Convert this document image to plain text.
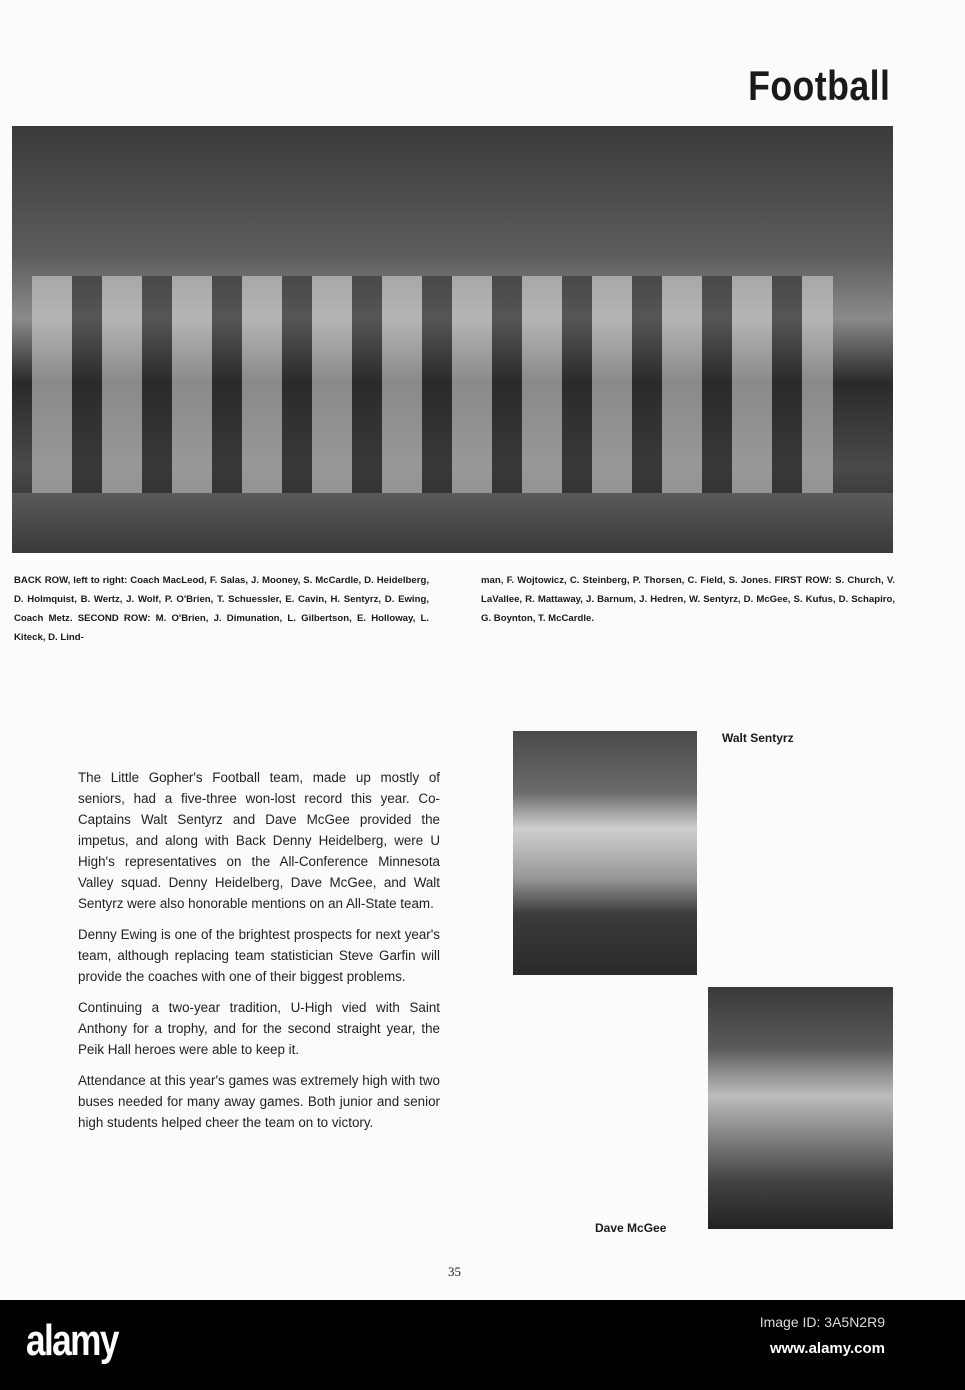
Football
BACK ROW, left to right: Coach MacLeod, F. Salas, J. Mooney, S. McCardle, D. Heidelberg, D. Holmquist, B. Wertz, J. Wolf, P. O'Brien, T. Schuessler, E. Cavin, H. Sentyrz, D. Ewing, Coach Metz. SECOND ROW: M. O'Brien, J. Dimunation, L. Gilbertson, E. Holloway, L. Kiteck, D. Lind-
man, F. Wojtowicz, C. Steinberg, P. Thorsen, C. Field, S. Jones. FIRST ROW: S. Church, V. LaVallee, R. Mattaway, J. Barnum, J. Hedren, W. Sentyrz, D. McGee, S. Kufus, D. Schapiro, G. Boynton, T. McCardle.

The Little Gopher's Football team, made up mostly of seniors, had a five-three won-lost record this year. Co-Captains Walt Sentyrz and Dave McGee provided the impetus, and along with Back Denny Heidelberg, were U High's representatives on the All-Conference Minnesota Valley squad. Denny Heidelberg, Dave McGee, and Walt Sentyrz were also honorable mentions on an All-State team.

Denny Ewing is one of the brightest prospects for next year's team, although replacing team statistician Steve Garfin will provide the coaches with one of their biggest problems.

Continuing a two-year tradition, U-High vied with Saint Anthony for a trophy, and for the second straight year, the Peik Hall heroes were able to keep it.

Attendance at this year's games was extremely high with two buses needed for many away games. Both junior and senior high students helped cheer the team on to victory.

Walt Sentyrz
Dave McGee
35
alamy	Image ID: 3A5N2R9
www.alamy.com
